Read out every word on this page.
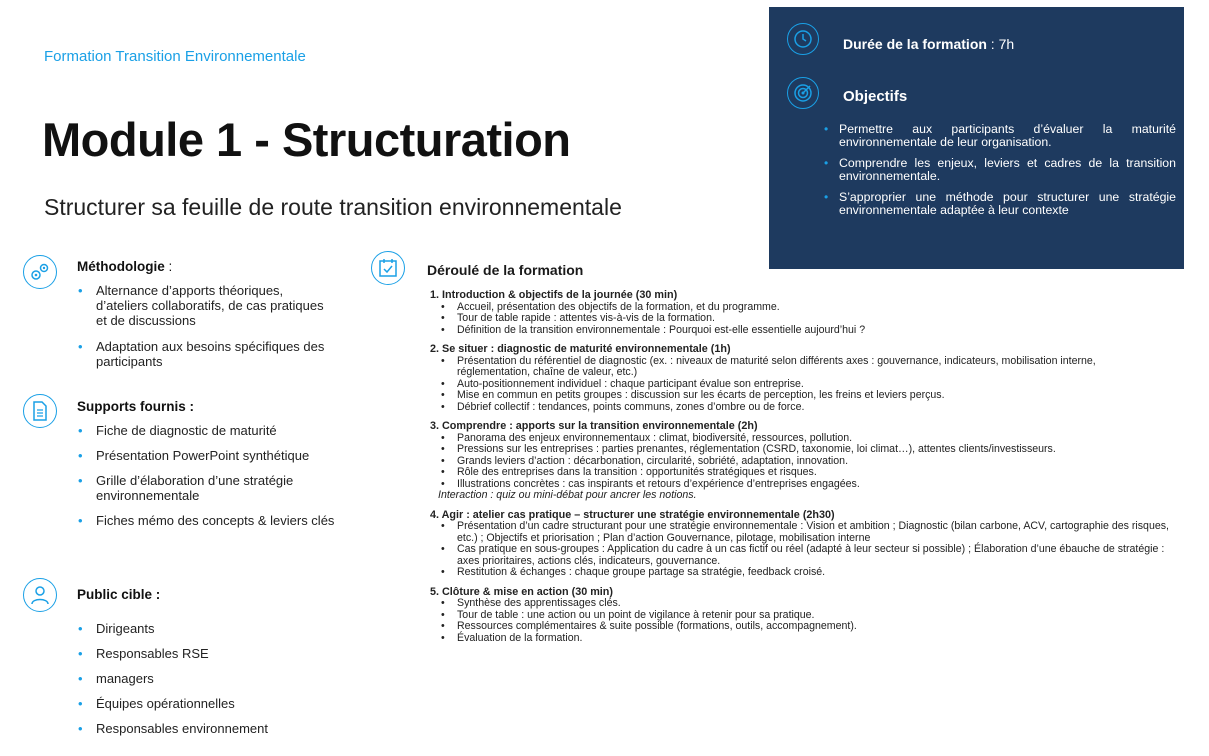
Formation Transition Environnementale
Module 1 - Structuration
Structurer sa feuille de route transition environnementale
Durée de la formation : 7h
Objectifs
• Permettre aux participants d’évaluer la maturité environnementale de leur organisation.
• Comprendre les enjeux, leviers et cadres de la transition environnementale.
• S’approprier une méthode pour structurer une stratégie environnementale adaptée à leur contexte
Méthodologie :
• Alternance d’apports théoriques, d’ateliers collaboratifs, de cas pratiques et de discussions
• Adaptation aux besoins spécifiques des participants
Supports fournis :
• Fiche de diagnostic de maturité
• Présentation PowerPoint synthétique
• Grille d’élaboration d’une stratégie environnementale
• Fiches mémo des concepts & leviers clés
Public cible :
• Dirigeants
• Responsables RSE
• managers
• Équipes opérationnelles
• Responsables environnement
Déroulé de la formation
1. Introduction & objectifs de la journée (30 min)
• Accueil, présentation des objectifs de la formation, et du programme.
• Tour de table rapide : attentes vis-à-vis de la formation.
• Définition de la transition environnementale : Pourquoi est-elle essentielle aujourd’hui ?
2. Se situer : diagnostic de maturité environnementale (1h)
• Présentation du référentiel de diagnostic (ex. : niveaux de maturité selon différents axes : gouvernance, indicateurs, mobilisation interne, réglementation, chaîne de valeur, etc.)
• Auto-positionnement individuel : chaque participant évalue son entreprise.
• Mise en commun en petits groupes : discussion sur les écarts de perception, les freins et leviers perçus.
• Débrief collectif : tendances, points communs, zones d’ombre ou de force.
3. Comprendre : apports sur la transition environnementale (2h)
• Panorama des enjeux environnementaux : climat, biodiversité, ressources, pollution.
• Pressions sur les entreprises : parties prenantes, réglementation (CSRD, taxonomie, loi climat…), attentes clients/investisseurs.
• Grands leviers d’action : décarbonation, circularité, sobriété, adaptation, innovation.
• Rôle des entreprises dans la transition : opportunités stratégiques et risques.
• Illustrations concrètes : cas inspirants et retours d’expérience d’entreprises engagées.
Interaction : quiz ou mini-débat pour ancrer les notions.
4. Agir : atelier cas pratique – structurer une stratégie environnementale (2h30)
• Présentation d’un cadre structurant pour une stratégie environnementale : Vision et ambition ; Diagnostic (bilan carbone, ACV, cartographie des risques, etc.) ; Objectifs et priorisation ; Plan d’action Gouvernance, pilotage, mobilisation interne
• Cas pratique en sous-groupes : Application du cadre à un cas fictif ou réel (adapté à leur secteur si possible) ; Élaboration d’une ébauche de stratégie : axes prioritaires, actions clés, indicateurs, gouvernance.
• Restitution & échanges : chaque groupe partage sa stratégie, feedback croisé.
5. Clôture & mise en action (30 min)
• Synthèse des apprentissages clés.
• Tour de table : une action ou un point de vigilance à retenir pour sa pratique.
• Ressources complémentaires & suite possible (formations, outils, accompagnement).
• Évaluation de la formation.
